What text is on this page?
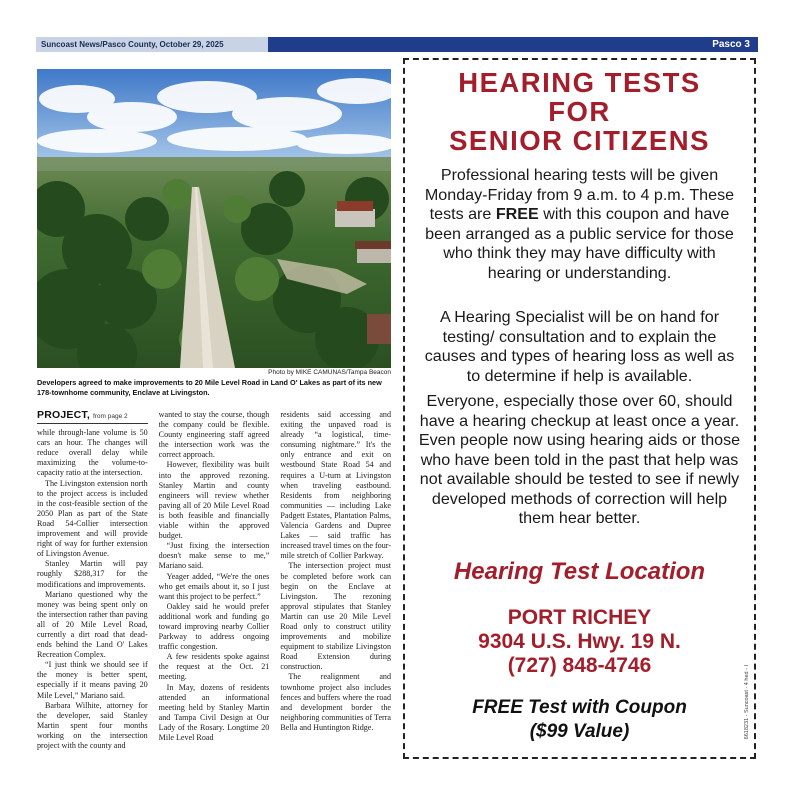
Suncoast News/Pasco County, October 29, 2025	Pasco 3
Photo by MIKE CAMUNAS/Tampa Beacon
Developers agreed to make improvements to 20 Mile Level Road in Land O' Lakes as part of its new 178-townhome community, Enclave at Livingston.
PROJECT, from page 2

while through-lane volume is 50 cars an hour. The changes will reduce overall delay while maximizing the volume-to-capacity ratio at the intersection.

The Livingston extension north to the project access is included in the cost-feasible section of the 2050 Plan as part of the State Road 54-Collier intersection improvement and will provide right of way for further extension of Livingston Avenue.

Stanley Martin will pay roughly $288,317 for the modifications and improvements.

Mariano questioned why the money was being spent only on the intersection rather than paving all of 20 Mile Level Road, currently a dirt road that dead-ends behind the Land O' Lakes Recreation Complex.

“I just think we should see if the money is better spent, especially if it means paving 20 Mile Level,” Mariano said.

Barbara Wilhite, attorney for the developer, said Stanley Martin spent four months working on the intersection project with the county and

wanted to stay the course, though the company could be flexible. County engineering staff agreed the intersection work was the correct approach.

However, flexibility was built into the approved rezoning. Stanley Martin and county engineers will review whether paving all of 20 Mile Level Road is both feasible and financially viable within the approved budget.

“Just fixing the intersection doesn't make sense to me,” Mariano said.

Yeager added, “We're the ones who get emails about it, so I just want this project to be perfect.”

Oakley said he would prefer additional work and funding go toward improving nearby Collier Parkway to address ongoing traffic congestion.

A few residents spoke against the request at the Oct. 21 meeting.

In May, dozens of residents attended an informational meeting held by Stanley Martin and Tampa Civil Design at Our Lady of the Rosary. Longtime 20 Mile Level Road

residents said accessing and exiting the unpaved road is already “a logistical, time-consuming nightmare.” It's the only entrance and exit on westbound State Road 54 and requires a U-turn at Livingston when traveling eastbound. Residents from neighboring communities — including Lake Padgett Estates, Plantation Palms, Valencia Gardens and Dupree Lakes — said traffic has increased travel times on the four-mile stretch of Collier Parkway.

The intersection project must be completed before work can begin on the Enclave at Livingston. The rezoning approval stipulates that Stanley Martin can use 20 Mile Level Road only to construct utility improvements and mobilize equipment to stabilize Livingston Road Extension during construction.

The realignment and townhome project also includes fences and buffers where the road and development border the neighboring communities of Terra Bella and Huntington Ridge.

HEARING TESTS
FOR
SENIOR CITIZENS

Professional hearing tests will be given Monday-Friday from 9 a.m. to 4 p.m. These tests are FREE with this coupon and have been arranged as a public service for those who think they may have difficulty with hearing or understanding.

A Hearing Specialist will be on hand for testing/ consultation and to explain the causes and types of hearing loss as well as to determine if help is available.

Everyone, especially those over 60, should have a hearing checkup at least once a year. Even people now using hearing aids or those who have been told in the past that help was not available should be tested to see if newly developed methods of correction will help them hear better.

Hearing Test Location
PORT RICHEY
9304 U.S. Hwy. 19 N.
(727) 848-4746
FREE Test with Coupon
($99 Value)	6618231 - Suncoast - 4 hed - I
